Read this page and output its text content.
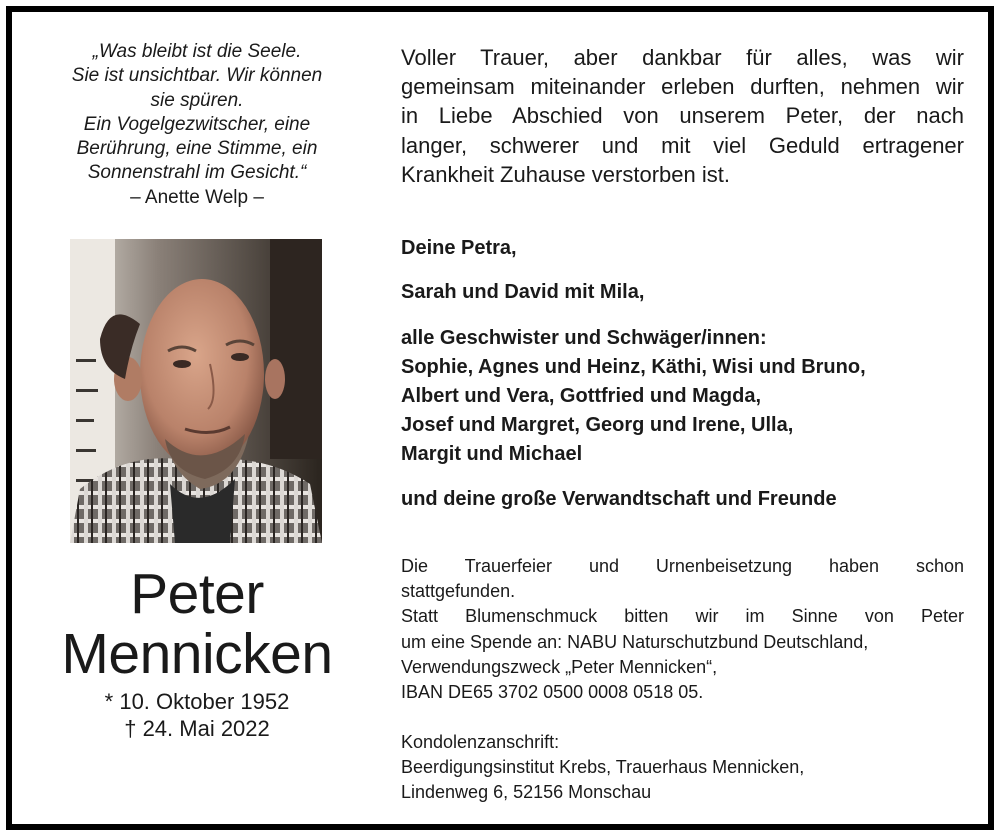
„Was bleibt ist die Seele.
Sie ist unsichtbar. Wir können
sie spüren.
Ein Vogelgezwitscher, eine
Berührung, eine Stimme, ein
Sonnenstrahl im Gesicht.“
– Anette Welp –
Peter
Mennicken
* 10. Oktober 1952
† 24. Mai 2022
Voller Trauer, aber dankbar für alles, was wir
gemeinsam miteinander erleben durften, nehmen wir
in Liebe Abschied von unserem Peter, der nach
langer, schwerer und mit viel Geduld ertragener
Krankheit Zuhause verstorben ist.
Deine Petra,
Sarah und David mit Mila,
alle Geschwister und Schwäger/innen:
Sophie, Agnes und Heinz, Käthi, Wisi und Bruno,
Albert und Vera, Gottfried und Magda,
Josef und Margret, Georg und Irene, Ulla,
Margit und Michael
und deine große Verwandtschaft und Freunde
Die Trauerfeier und Urnenbeisetzung haben schon
stattgefunden.
Statt Blumenschmuck bitten wir im Sinne von Peter
um eine Spende an: NABU Naturschutzbund Deutschland,
Verwendungszweck „Peter Mennicken“,
IBAN DE65 3702 0500 0008 0518 05.
Kondolenzanschrift:
Beerdigungsinstitut Krebs, Trauerhaus Mennicken,
Lindenweg 6, 52156 Monschau
